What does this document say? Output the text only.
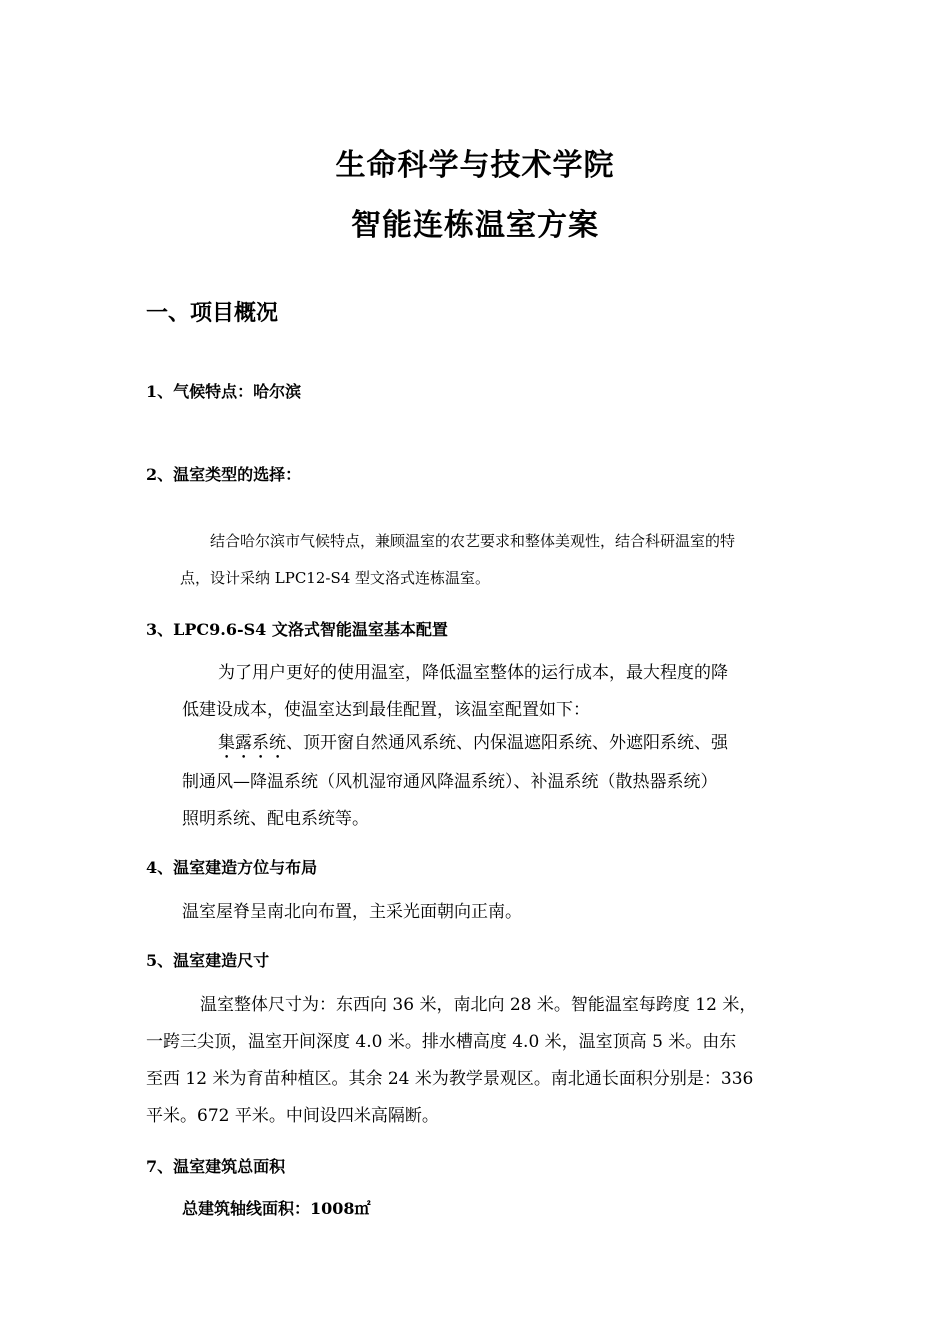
生命科学与技术学院
智能连栋温室方案
一、项目概况
1、气候特点：哈尔滨
2、温室类型的选择：
结合哈尔滨市气候特点，兼顾温室的农艺要求和整体美观性，结合科研温室的特
点，设计采纳 LPC12-S4 型文洛式连栋温室。
3、LPC9.6-S4 文洛式智能温室基本配置
为了用户更好的使用温室，降低温室整体的运行成本，最大程度的降
低建设成本，使温室达到最佳配置，该温室配置如下：
集露系统、顶开窗自然通风系统、内保温遮阳系统、外遮阳系统、强
制通风—降温系统（风机湿帘通风降温系统）、补温系统（散热器系统）
照明系统、配电系统等。
4、温室建造方位与布局
温室屋脊呈南北向布置，主采光面朝向正南。
5、温室建造尺寸
温室整体尺寸为：东西向 36 米，南北向 28 米。智能温室每跨度 12 米，
一跨三尖顶，温室开间深度 4.0 米。排水槽高度 4.0 米，温室顶高 5 米。由东
至西 12 米为育苗种植区。其余 24 米为教学景观区。南北通长面积分别是：336
平米。672 平米。中间设四米高隔断。
7、温室建筑总面积
总建筑轴线面积：1008㎡
